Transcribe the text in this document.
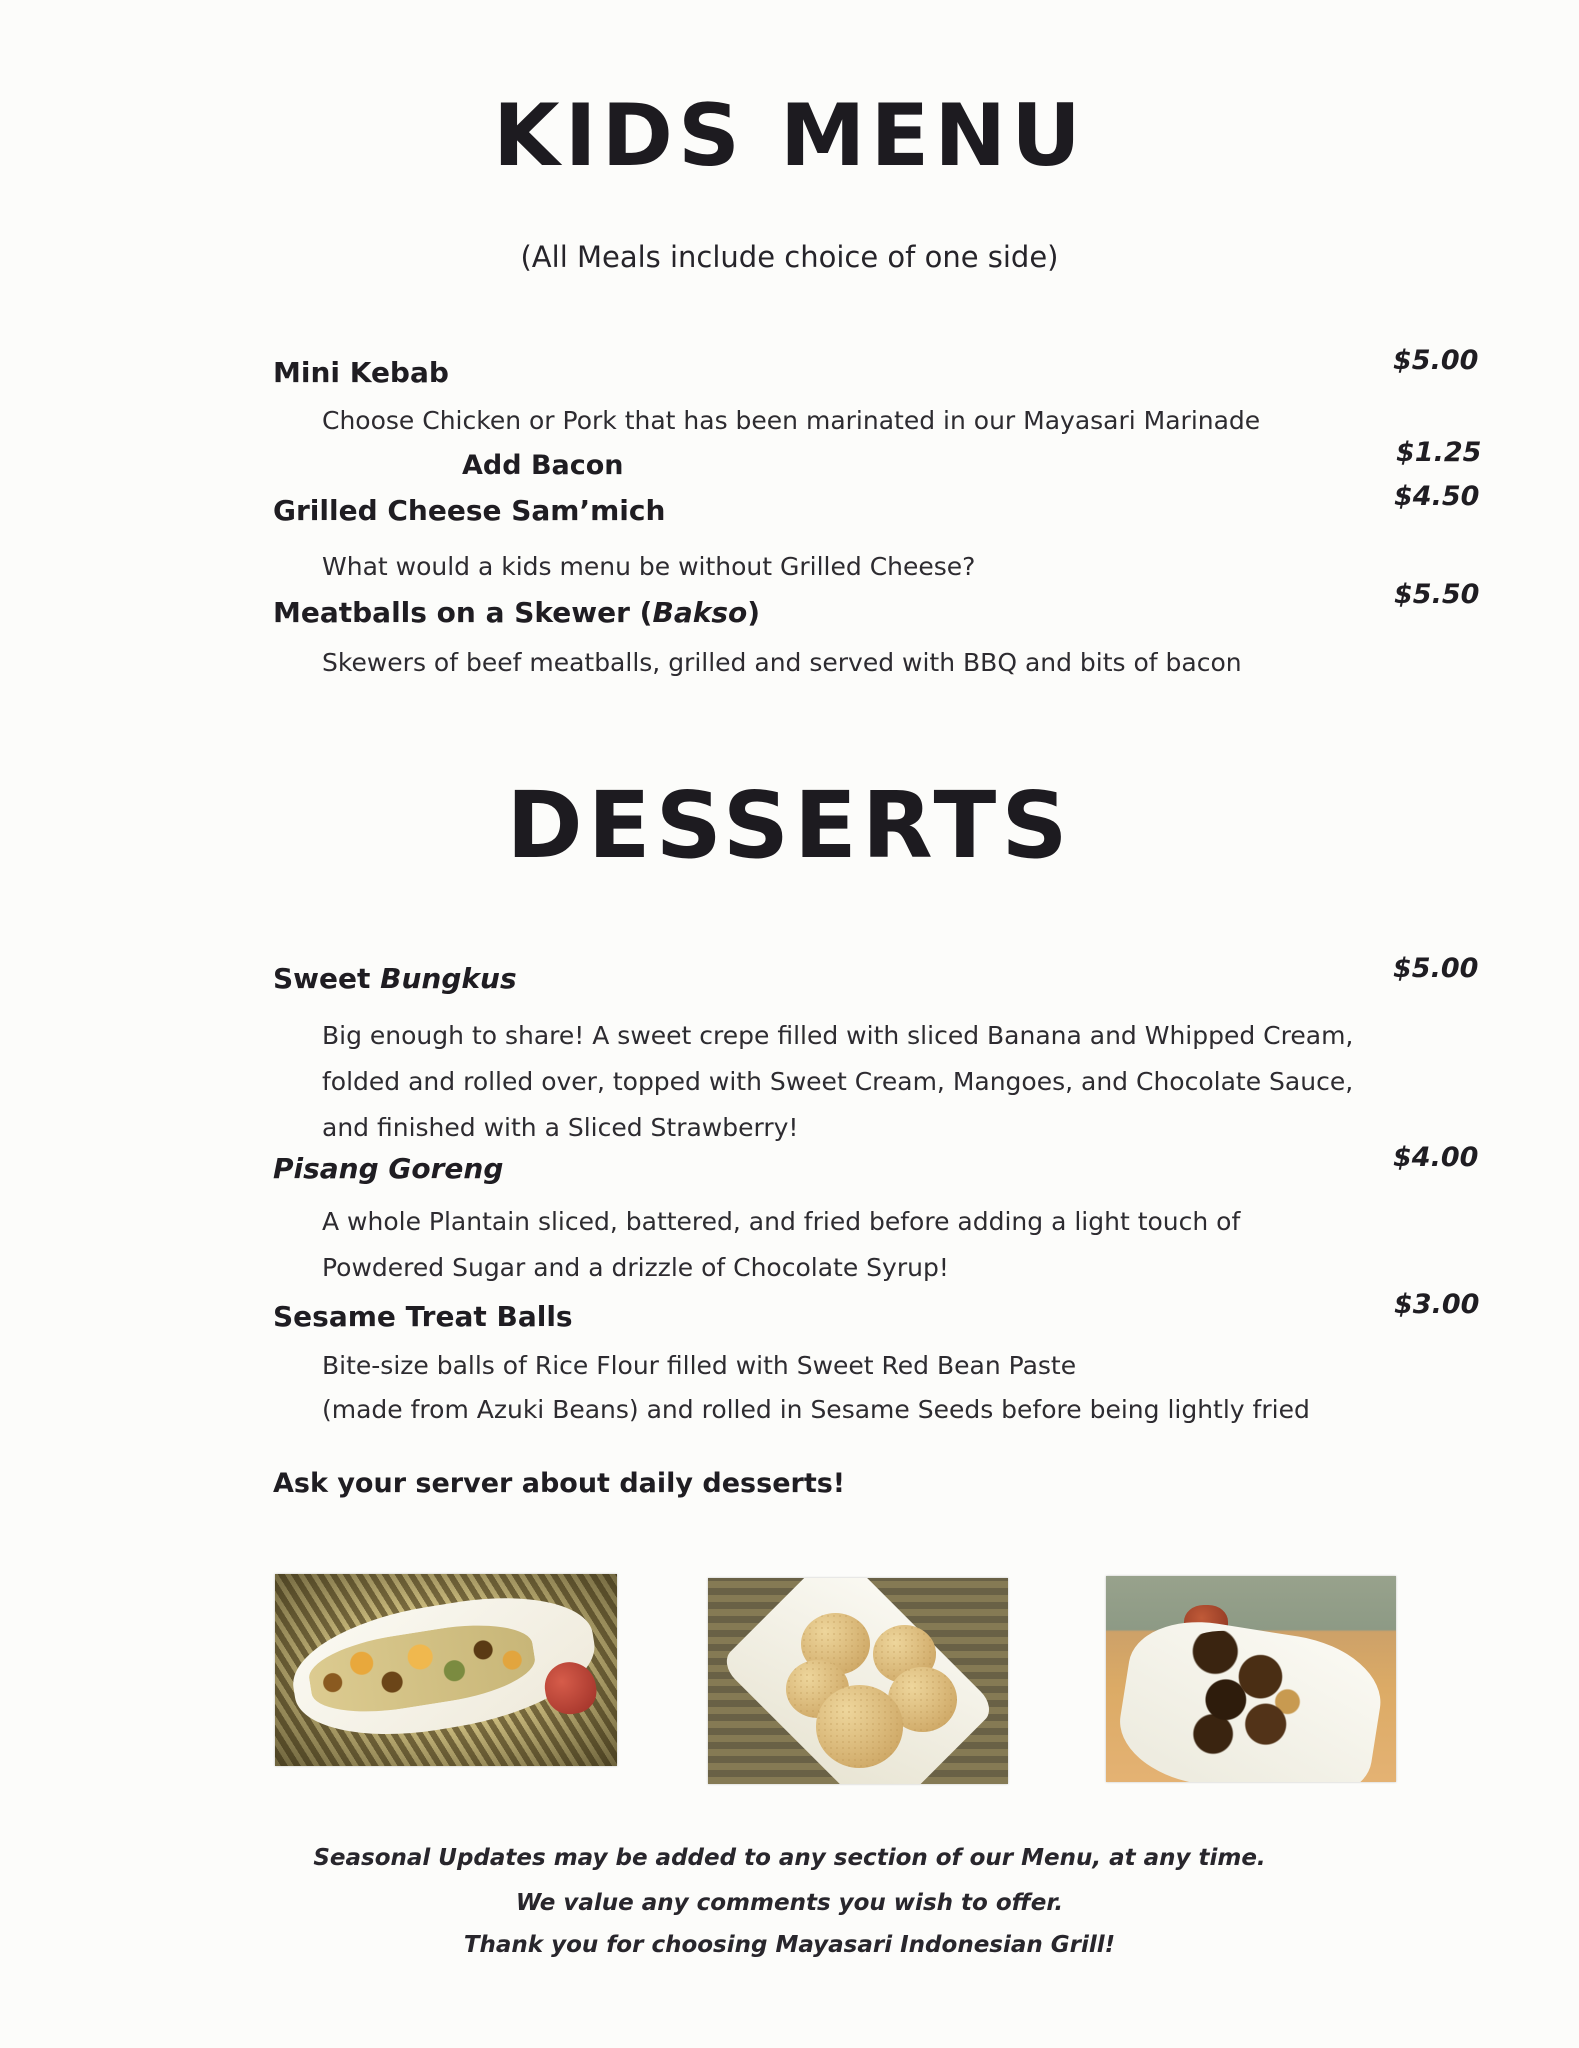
KIDS MENU
(All Meals include choice of one side)
Mini Kebab	$5.00
Choose Chicken or Pork that has been marinated in our Mayasari Marinade
Add Bacon	$1.25
Grilled Cheese Sam’mich	$4.50
What would a kids menu be without Grilled Cheese?
Meatballs on a Skewer (Bakso)
$5.50
Skewers of beef meatballs, grilled and served with BBQ and bits of bacon
DESSERTS
Sweet Bungkus	$5.00
Big enough to share! A sweet crepe filled with sliced Banana and Whipped Cream,
folded and rolled over, topped with Sweet Cream, Mangoes, and Chocolate Sauce,
and finished with a Sliced Strawberry!
Pisang Goreng	$4.00
A whole Plantain sliced, battered, and fried before adding a light touch of
Powdered Sugar and a drizzle of Chocolate Syrup!
Sesame Treat Balls	$3.00
Bite-size balls of Rice Flour filled with Sweet Red Bean Paste
(made from Azuki Beans) and rolled in Sesame Seeds before being lightly fried
Ask your server about daily desserts!
Seasonal Updates may be added to any section of our Menu, at any time.
We value any comments you wish to offer.
Thank you for choosing Mayasari Indonesian Grill!
